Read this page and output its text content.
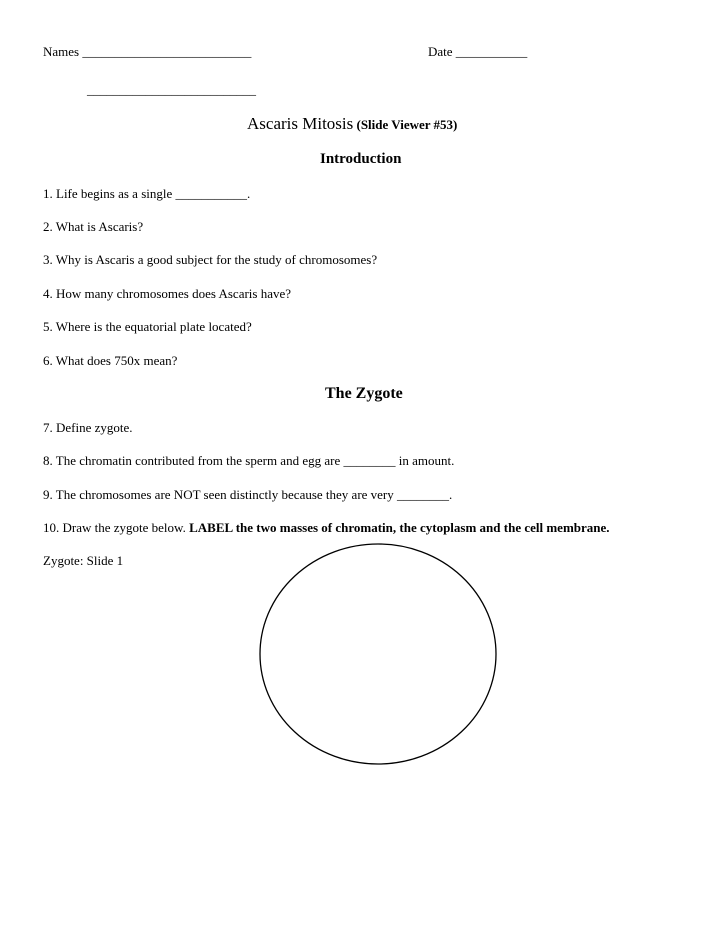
Names __________________________	Date ___________
__________________________
Ascaris Mitosis (Slide Viewer #53)
Introduction
1. Life begins as a single ___________.
2. What is Ascaris?
3. Why is Ascaris a good subject for the study of chromosomes?
4. How many chromosomes does Ascaris have?
5. Where is the equatorial plate located?
6. What does 750x mean?
The Zygote
7. Define zygote.
8. The chromatin contributed from the sperm and egg are ________ in amount.
9. The chromosomes are NOT seen distinctly because they are very ________.
10. Draw the zygote below. LABEL the two masses of chromatin, the cytoplasm and the cell membrane.
Zygote: Slide 1
